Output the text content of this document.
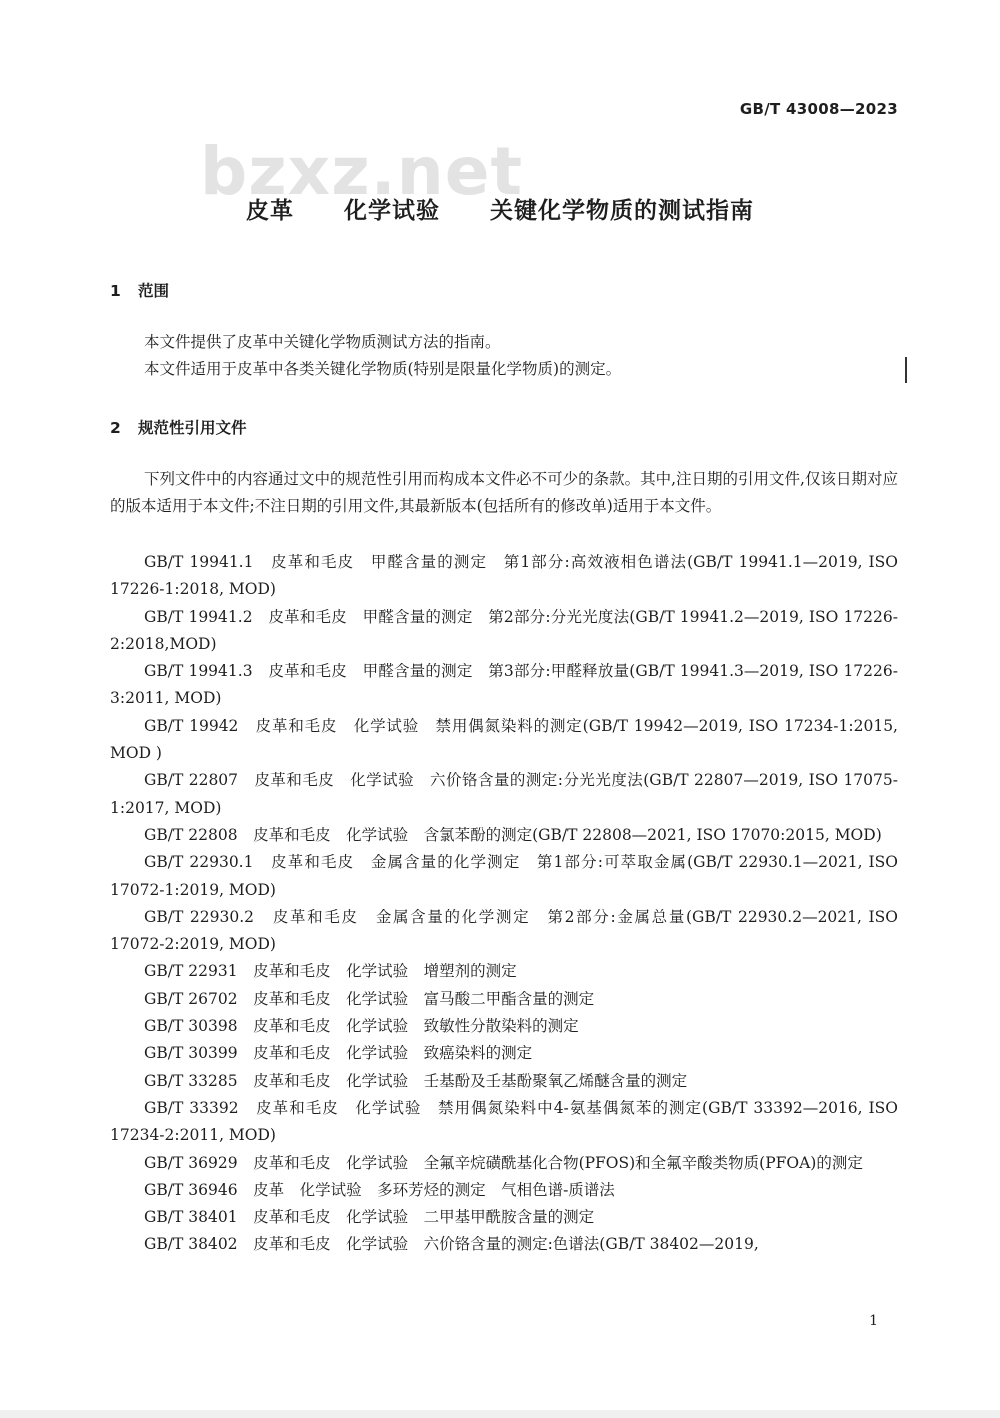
GB/T 43008—2023
bzxz.net
皮革  化学试验  关键化学物质的测试指南
1 范围
本文件提供了皮革中关键化学物质测试方法的指南。
本文件适用于皮革中各类关键化学物质(特别是限量化学物质)的测定。
2 规范性引用文件
下列文件中的内容通过文中的规范性引用而构成本文件必不可少的条款。其中,注日期的引用文件,仅该日期对应的版本适用于本文件;不注日期的引用文件,其最新版本(包括所有的修改单)适用于本文件。

GB/T 19941.1　皮革和毛皮　甲醛含量的测定　第1部分:高效液相色谱法(GB/T 19941.1—2019, ISO 17226-1:2018, MOD)

GB/T 19941.2　皮革和毛皮　甲醛含量的测定　第2部分:分光光度法(GB/T 19941.2—2019, ISO 17226-2:2018,MOD)

GB/T 19941.3　皮革和毛皮　甲醛含量的测定　第3部分:甲醛释放量(GB/T 19941.3—2019, ISO 17226-3:2011, MOD)

GB/T 19942　皮革和毛皮　化学试验　禁用偶氮染料的测定(GB/T 19942—2019, ISO 17234-1:2015, MOD )

GB/T 22807　皮革和毛皮　化学试验　六价铬含量的测定:分光光度法(GB/T 22807—2019, ISO 17075-1:2017, MOD)

GB/T 22808　皮革和毛皮　化学试验　含氯苯酚的测定(GB/T 22808—2021, ISO 17070:2015, MOD)

GB/T 22930.1　皮革和毛皮　金属含量的化学测定　第1部分:可萃取金属(GB/T 22930.1—2021, ISO 17072-1:2019, MOD)

GB/T 22930.2　皮革和毛皮　金属含量的化学测定　第2部分:金属总量(GB/T 22930.2—2021, ISO 17072-2:2019, MOD)

GB/T 22931　皮革和毛皮　化学试验　增塑剂的测定

GB/T 26702　皮革和毛皮　化学试验　富马酸二甲酯含量的测定

GB/T 30398　皮革和毛皮　化学试验　致敏性分散染料的测定

GB/T 30399　皮革和毛皮　化学试验　致癌染料的测定

GB/T 33285　皮革和毛皮　化学试验　壬基酚及壬基酚聚氧乙烯醚含量的测定

GB/T 33392　皮革和毛皮　化学试验　禁用偶氮染料中4-氨基偶氮苯的测定(GB/T 33392—2016, ISO 17234-2:2011, MOD)

GB/T 36929　皮革和毛皮　化学试验　全氟辛烷磺酰基化合物(PFOS)和全氟辛酸类物质(PFOA)的测定

GB/T 36946　皮革　化学试验　多环芳烃的测定　气相色谱-质谱法

GB/T 38401　皮革和毛皮　化学试验　二甲基甲酰胺含量的测定

GB/T 38402　皮革和毛皮　化学试验　六价铬含量的测定:色谱法(GB/T 38402—2019,

1
